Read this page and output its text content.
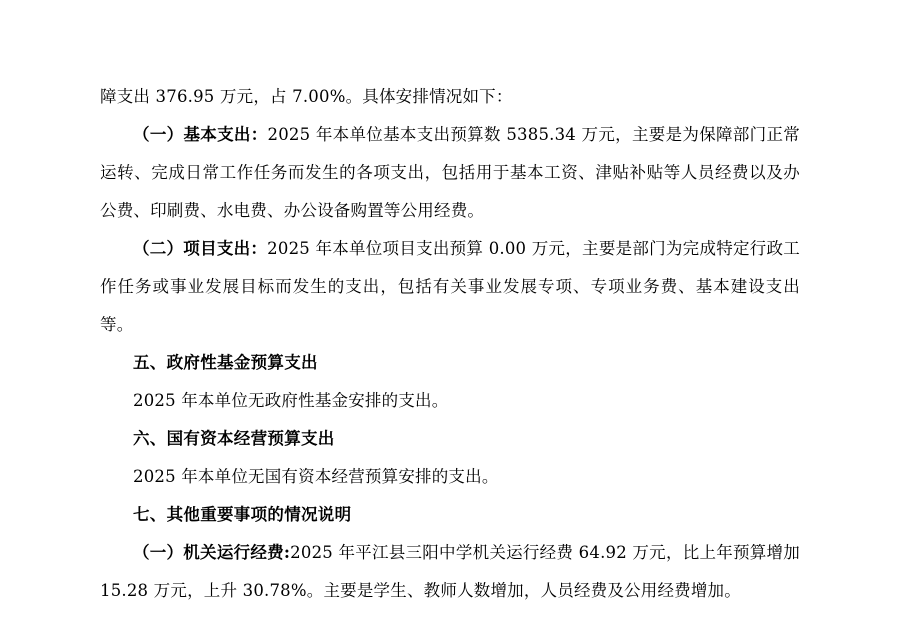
障支出 376.95 万元，占 7.00%。具体安排情况如下：

（一）基本支出：2025 年本单位基本支出预算数 5385.34 万元，主要是为保障部门正常运转、完成日常工作任务而发生的各项支出，包括用于基本工资、津贴补贴等人员经费以及办公费、印刷费、水电费、办公设备购置等公用经费。

（二）项目支出：2025 年本单位项目支出预算 0.00 万元，主要是部门为完成特定行政工作任务或事业发展目标而发生的支出，包括有关事业发展专项、专项业务费、基本建设支出等。

五、政府性基金预算支出

2025 年本单位无政府性基金安排的支出。

六、国有资本经营预算支出

2025 年本单位无国有资本经营预算安排的支出。

七、其他重要事项的情况说明

（一）机关运行经费:2025 年平江县三阳中学机关运行经费 64.92 万元，比上年预算增加 15.28 万元，上升 30.78%。主要是学生、教师人数增加，人员经费及公用经费增加。
